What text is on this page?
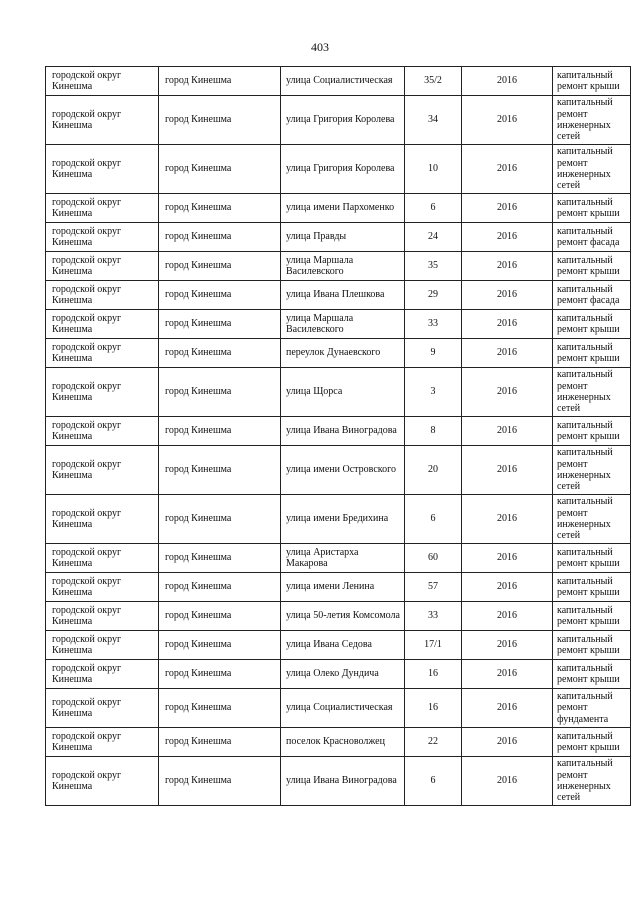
403
городской округ Кинешма	город Кинешма	улица Социалистическая	35/2	2016	капитальный ремонт крыши
городской округ Кинешма	город Кинешма	улица Григория Королева	34	2016	капитальный ремонт инженерных сетей
городской округ Кинешма	город Кинешма	улица Григория Королева	10	2016	капитальный ремонт инженерных сетей
городской округ Кинешма	город Кинешма	улица имени Пархоменко	6	2016	капитальный ремонт крыши
городской округ Кинешма	город Кинешма	улица Правды	24	2016	капитальный ремонт фасада
городской округ Кинешма	город Кинешма	улица Маршала Василевского	35	2016	капитальный ремонт крыши
городской округ Кинешма	город Кинешма	улица Ивана Плешкова	29	2016	капитальный ремонт фасада
городской округ Кинешма	город Кинешма	улица Маршала Василевского	33	2016	капитальный ремонт крыши
городской округ Кинешма	город Кинешма	переулок Дунаевского	9	2016	капитальный ремонт крыши
городской округ Кинешма	город Кинешма	улица Щорса	3	2016	капитальный ремонт инженерных сетей
городской округ Кинешма	город Кинешма	улица Ивана Виноградова	8	2016	капитальный ремонт крыши
городской округ Кинешма	город Кинешма	улица имени Островского	20	2016	капитальный ремонт инженерных сетей
городской округ Кинешма	город Кинешма	улица имени Бредихина	6	2016	капитальный ремонт инженерных сетей
городской округ Кинешма	город Кинешма	улица Аристарха Макарова	60	2016	капитальный ремонт крыши
городской округ Кинешма	город Кинешма	улица имени Ленина	57	2016	капитальный ремонт крыши
городской округ Кинешма	город Кинешма	улица 50-летия Комсомола	33	2016	капитальный ремонт крыши
городской округ Кинешма	город Кинешма	улица Ивана Седова	17/1	2016	капитальный ремонт крыши
городской округ Кинешма	город Кинешма	улица Олеко Дундича	16	2016	капитальный ремонт крыши
городской округ Кинешма	город Кинешма	улица Социалистическая	16	2016	капитальный ремонт фундамента
городской округ Кинешма	город Кинешма	поселок Красноволжец	22	2016	капитальный ремонт крыши
городской округ Кинешма	город Кинешма	улица Ивана Виноградова	6	2016	капитальный ремонт инженерных сетей
